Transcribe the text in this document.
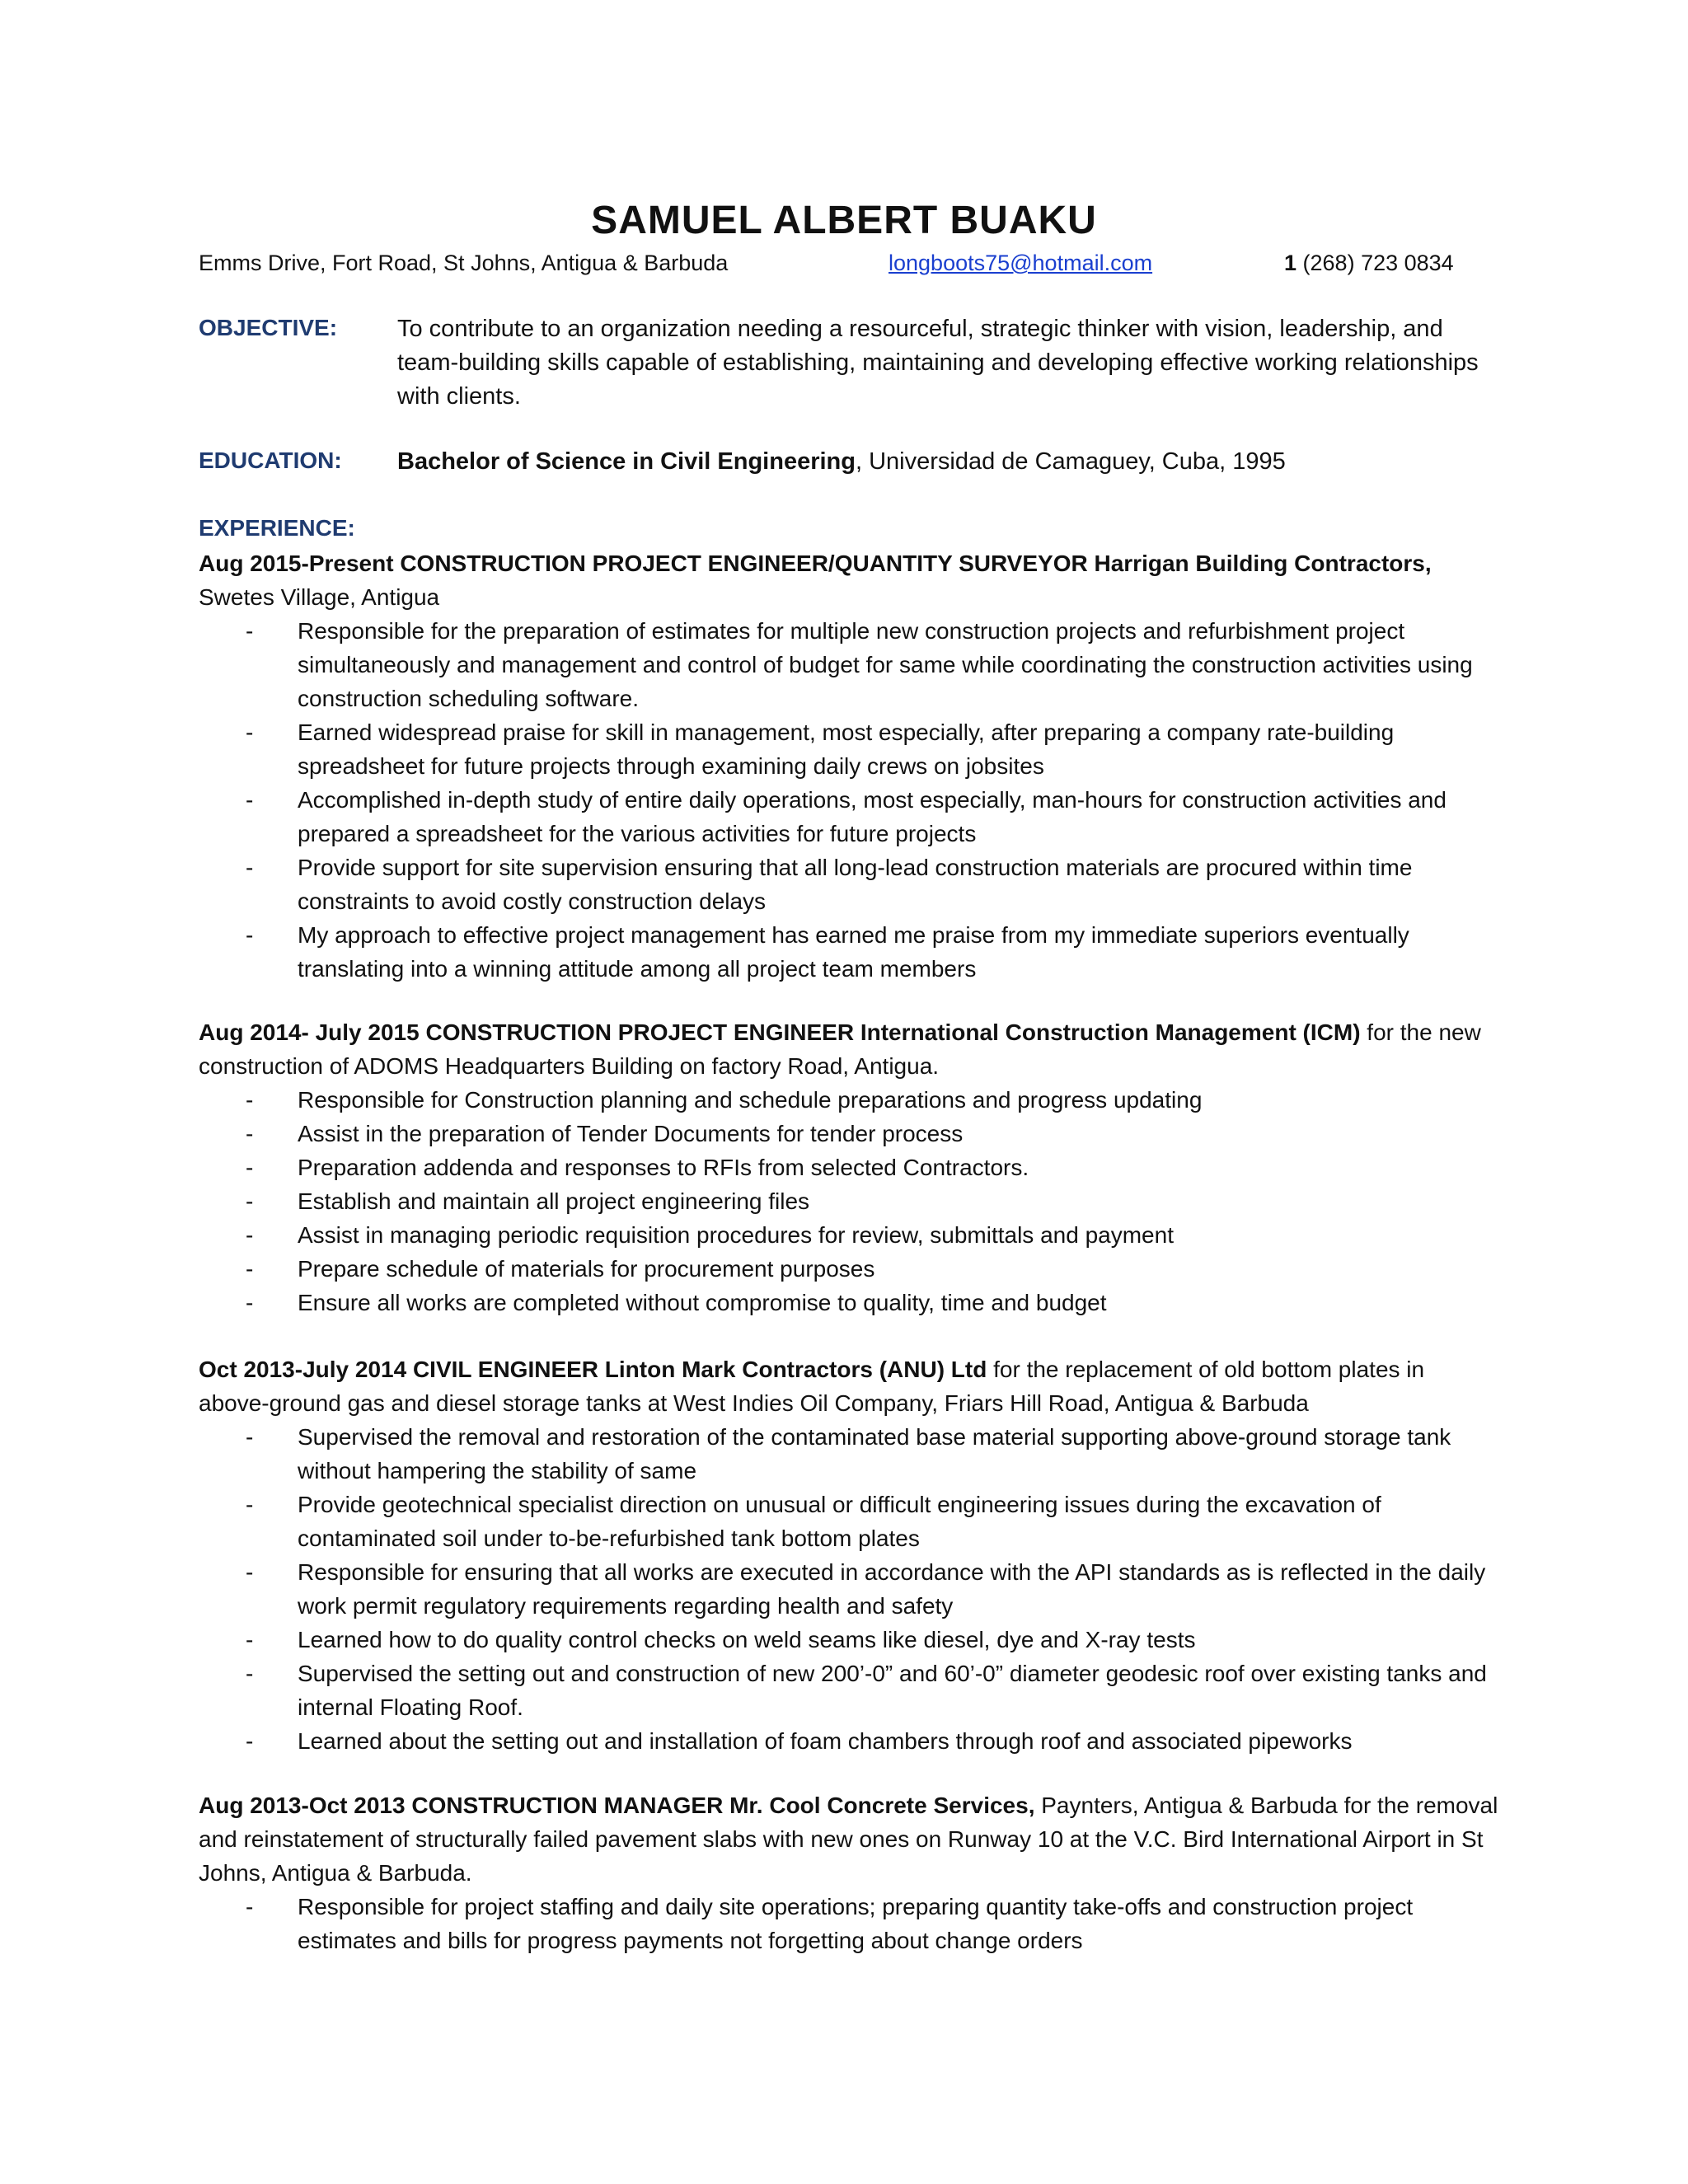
SAMUEL ALBERT BUAKU
Emms Drive, Fort Road, St Johns, Antigua & Barbuda	longboots75@hotmail.com	1 (268) 723 0834
OBJECTIVE:	To contribute to an organization needing a resourceful, strategic thinker with vision, leadership, and team-building skills capable of establishing, maintaining and developing effective working relationships with clients.
EDUCATION: Bachelor of Science in Civil Engineering, Universidad de Camaguey, Cuba, 1995
EXPERIENCE:
Aug 2015-Present CONSTRUCTION PROJECT ENGINEER/QUANTITY SURVEYOR Harrigan Building Contractors, Swetes Village, Antigua
- Responsible for the preparation of estimates for multiple new construction projects and refurbishment project simultaneously and management and control of budget for same while coordinating the construction activities using construction scheduling software.
- Earned widespread praise for skill in management, most especially, after preparing a company rate-building spreadsheet for future projects through examining daily crews on jobsites
- Accomplished in-depth study of entire daily operations, most especially, man-hours for construction activities and prepared a spreadsheet for the various activities for future projects
- Provide support for site supervision ensuring that all long-lead construction materials are procured within time constraints to avoid costly construction delays
- My approach to effective project management has earned me praise from my immediate superiors eventually translating into a winning attitude among all project team members
Aug 2014- July 2015 CONSTRUCTION PROJECT ENGINEER International Construction Management (ICM) for the new construction of ADOMS Headquarters Building on factory Road, Antigua.
- Responsible for Construction planning and schedule preparations and progress updating
- Assist in the preparation of Tender Documents for tender process
- Preparation addenda and responses to RFIs from selected Contractors.
- Establish and maintain all project engineering files
- Assist in managing periodic requisition procedures for review, submittals and payment
- Prepare schedule of materials for procurement purposes
- Ensure all works are completed without compromise to quality, time and budget
Oct 2013-July 2014 CIVIL ENGINEER Linton Mark Contractors (ANU) Ltd for the replacement of old bottom plates in above-ground gas and diesel storage tanks at West Indies Oil Company, Friars Hill Road, Antigua & Barbuda
- Supervised the removal and restoration of the contaminated base material supporting above-ground storage tank without hampering the stability of same
- Provide geotechnical specialist direction on unusual or difficult engineering issues during the excavation of contaminated soil under to-be-refurbished tank bottom plates
- Responsible for ensuring that all works are executed in accordance with the API standards as is reflected in the daily work permit regulatory requirements regarding health and safety
- Learned how to do quality control checks on weld seams like diesel, dye and X-ray tests
- Supervised the setting out and construction of new 200’-0” and 60’-0” diameter geodesic roof over existing tanks and internal Floating Roof.
- Learned about the setting out and installation of foam chambers through roof and associated pipeworks
Aug 2013-Oct 2013 CONSTRUCTION MANAGER Mr. Cool Concrete Services, Paynters, Antigua & Barbuda for the removal and reinstatement of structurally failed pavement slabs with new ones on Runway 10 at the V.C. Bird International Airport in St Johns, Antigua & Barbuda.
- Responsible for project staffing and daily site operations; preparing quantity take-offs and construction project estimates and bills for progress payments not forgetting about change orders
